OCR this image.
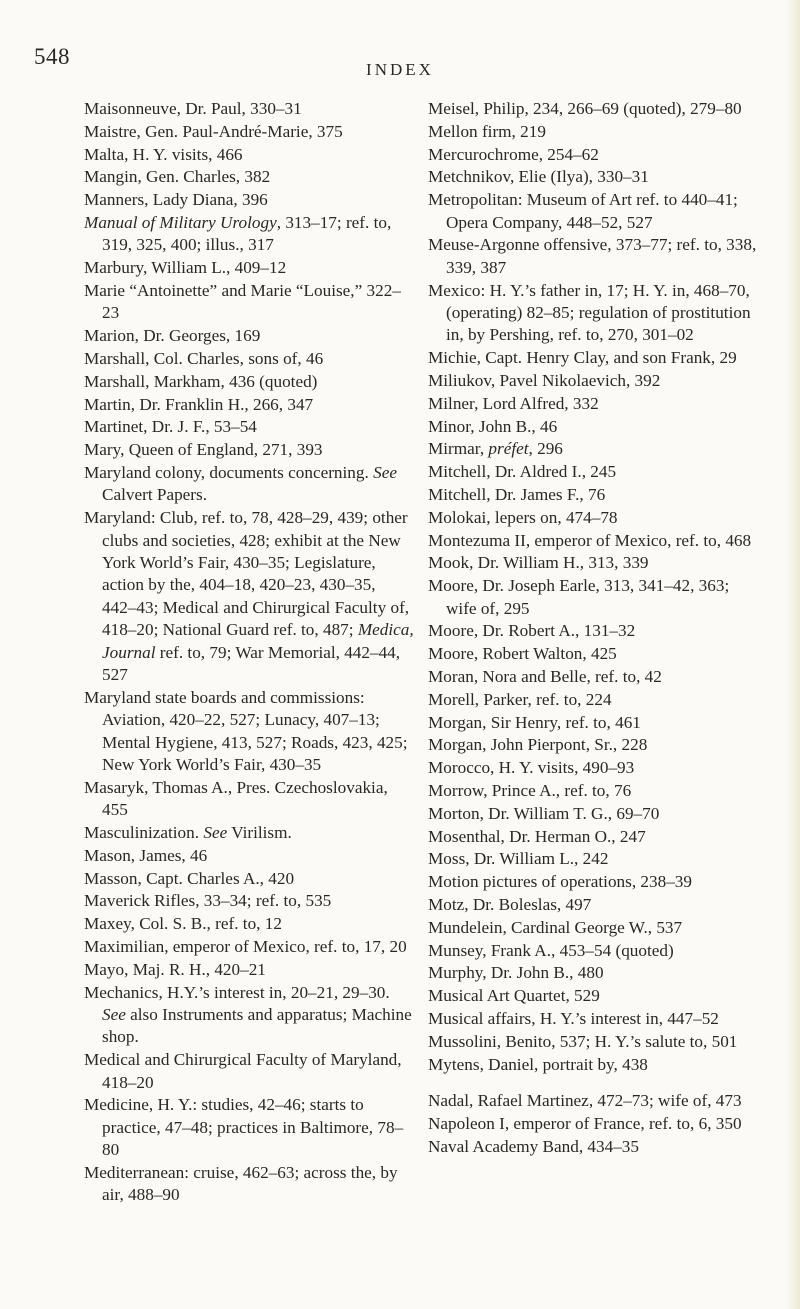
548
INDEX
Maisonneuve, Dr. Paul, 330–31
Maistre, Gen. Paul-André-Marie, 375
Malta, H. Y. visits, 466
Mangin, Gen. Charles, 382
Manners, Lady Diana, 396
Manual of Military Urology, 313–17; ref. to, 319, 325, 400; illus., 317
Marbury, William L., 409–12
Marie “Antoinette” and Marie “Louise,” 322–23
Marion, Dr. Georges, 169
Marshall, Col. Charles, sons of, 46
Marshall, Markham, 436 (quoted)
Martin, Dr. Franklin H., 266, 347
Martinet, Dr. J. F., 53–54
Mary, Queen of England, 271, 393
Maryland colony, documents concerning. See Calvert Papers.
Maryland: Club, ref. to, 78, 428–29, 439; other clubs and societies, 428; exhibit at the New York World’s Fair, 430–35; Legislature, action by the, 404–18, 420–23, 430–35, 442–43; Medical and Chirurgical Faculty of, 418–20; National Guard ref. to, 487; Medica, Journal ref. to, 79; War Memorial, 442–44, 527
Maryland state boards and commissions: Aviation, 420–22, 527; Lunacy, 407–13; Mental Hygiene, 413, 527; Roads, 423, 425; New York World’s Fair, 430–35
Masaryk, Thomas A., Pres. Czechoslovakia, 455
Masculinization. See Virilism.
Mason, James, 46
Masson, Capt. Charles A., 420
Maverick Rifles, 33–34; ref. to, 535
Maxey, Col. S. B., ref. to, 12
Maximilian, emperor of Mexico, ref. to, 17, 20
Mayo, Maj. R. H., 420–21
Mechanics, H.Y.’s interest in, 20–21, 29–30. See also Instruments and apparatus; Machine shop.
Medical and Chirurgical Faculty of Maryland, 418–20
Medicine, H. Y.: studies, 42–46; starts to practice, 47–48; practices in Baltimore, 78–80
Mediterranean: cruise, 462–63; across the, by air, 488–90
Meisel, Philip, 234, 266–69 (quoted), 279–80
Mellon firm, 219
Mercurochrome, 254–62
Metchnikov, Elie (Ilya), 330–31
Metropolitan: Museum of Art ref. to 440–41; Opera Company, 448–52, 527
Meuse-Argonne offensive, 373–77; ref. to, 338, 339, 387
Mexico: H. Y.’s father in, 17; H. Y. in, 468–70, (operating) 82–85; regulation of prostitution in, by Pershing, ref. to, 270, 301–02
Michie, Capt. Henry Clay, and son Frank, 29
Miliukov, Pavel Nikolaevich, 392
Milner, Lord Alfred, 332
Minor, John B., 46
Mirmar, préfet, 296
Mitchell, Dr. Aldred I., 245
Mitchell, Dr. James F., 76
Molokai, lepers on, 474–78
Montezuma II, emperor of Mexico, ref. to, 468
Mook, Dr. William H., 313, 339
Moore, Dr. Joseph Earle, 313, 341–42, 363; wife of, 295
Moore, Dr. Robert A., 131–32
Moore, Robert Walton, 425
Moran, Nora and Belle, ref. to, 42
Morell, Parker, ref. to, 224
Morgan, Sir Henry, ref. to, 461
Morgan, John Pierpont, Sr., 228
Morocco, H. Y. visits, 490–93
Morrow, Prince A., ref. to, 76
Morton, Dr. William T. G., 69–70
Mosenthal, Dr. Herman O., 247
Moss, Dr. William L., 242
Motion pictures of operations, 238–39
Motz, Dr. Boleslas, 497
Mundelein, Cardinal George W., 537
Munsey, Frank A., 453–54 (quoted)
Murphy, Dr. John B., 480
Musical Art Quartet, 529
Musical affairs, H. Y.’s interest in, 447–52
Mussolini, Benito, 537; H. Y.’s salute to, 501
Mytens, Daniel, portrait by, 438
Nadal, Rafael Martinez, 472–73; wife of, 473
Napoleon I, emperor of France, ref. to, 6, 350
Naval Academy Band, 434–35
